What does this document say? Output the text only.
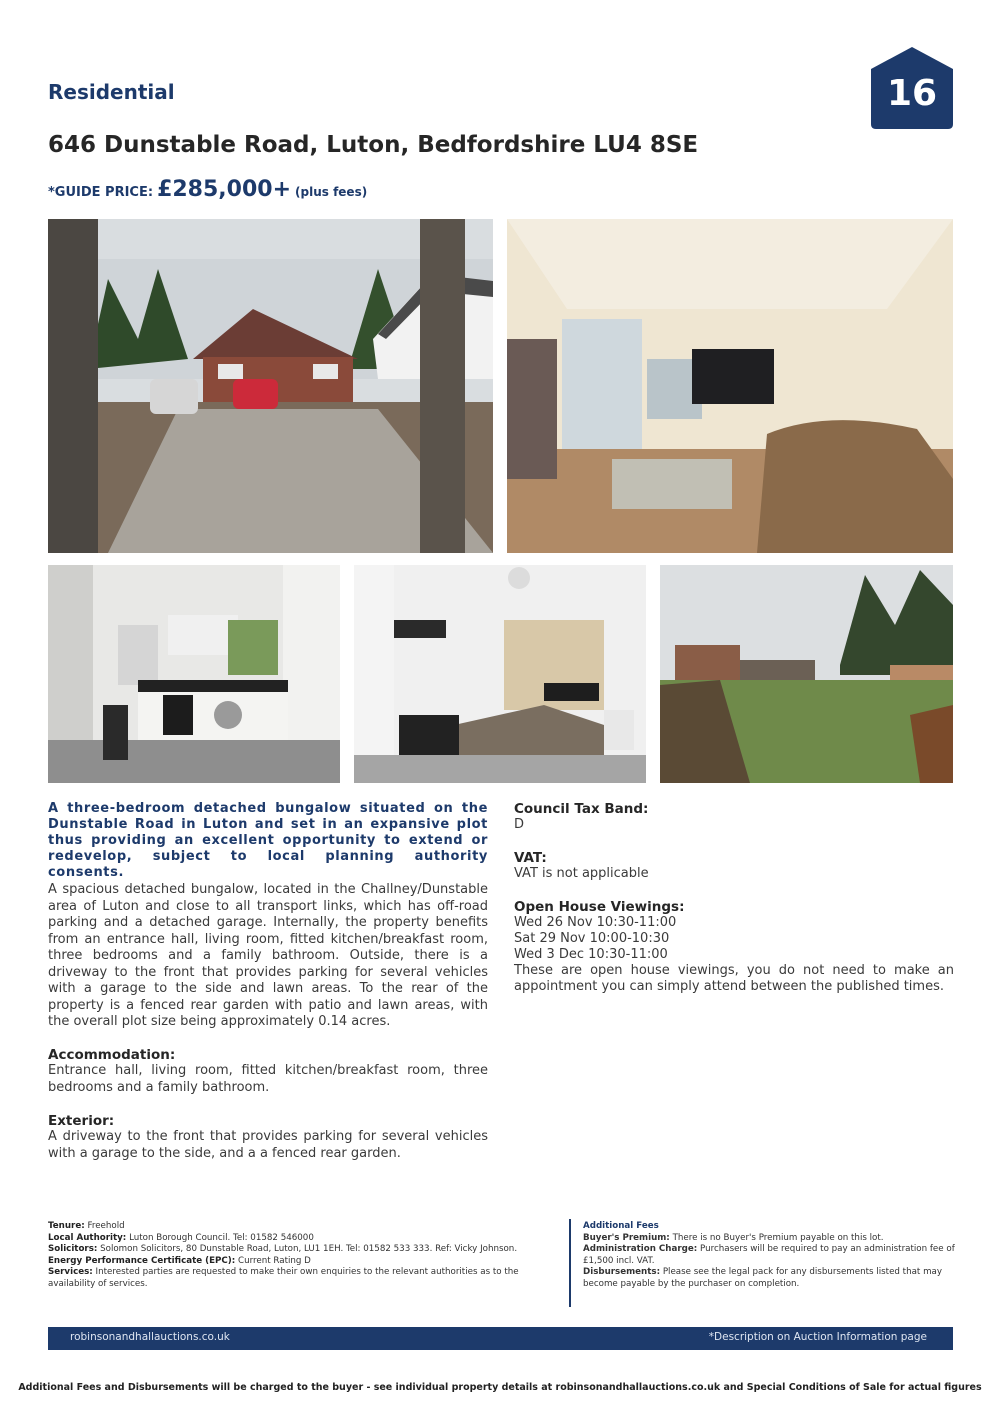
Residential	16
646 Dunstable Road, Luton, Bedfordshire LU4 8SE
*GUIDE PRICE: £285,000+ (plus fees)
A three-bedroom detached bungalow situated on the Dunstable Road in Luton and set in an expansive plot thus providing an excellent opportunity to extend or redevelop, subject to local planning authority consents.
A spacious detached bungalow, located in the Challney/Dunstable area of Luton and close to all transport links, which has off-road parking and a detached garage. Internally, the property benefits from an entrance hall, living room, fitted kitchen/breakfast room, three bedrooms and a family bathroom. Outside, there is a driveway to the front that provides parking for several vehicles with a garage to the side and lawn areas. To the rear of the property is a fenced rear garden with patio and lawn areas, with the overall plot size being approximately 0.14 acres.
Accommodation:
Entrance hall, living room, fitted kitchen/breakfast room, three bedrooms and a family bathroom.
Exterior:
A driveway to the front that provides parking for several vehicles with a garage to the side, and a a fenced rear garden.
Council Tax Band:
D
VAT:
VAT is not applicable
Open House Viewings:
Wed 26 Nov 10:30-11:00
Sat 29 Nov 10:00-10:30
Wed 3 Dec 10:30-11:00
These are open house viewings, you do not need to make an appointment you can simply attend between the published times.
Tenure: Freehold
Local Authority: Luton Borough Council. Tel: 01582 546000
Solicitors: Solomon Solicitors, 80 Dunstable Road, Luton, LU1 1EH. Tel: 01582 533 333. Ref: Vicky Johnson.
Energy Performance Certificate (EPC): Current Rating D
Services: Interested parties are requested to make their own enquiries to the relevant authorities as to the availability of services.
Additional Fees
Buyer's Premium: There is no Buyer's Premium payable on this lot.
Administration Charge: Purchasers will be required to pay an administration fee of £1,500 incl. VAT.
Disbursements: Please see the legal pack for any disbursements listed that may become payable by the purchaser on completion.
robinsonandhallauctions.co.uk	*Description on Auction Information page
Additional Fees and Disbursements will be charged to the buyer - see individual property details at robinsonandhallauctions.co.uk and Special Conditions of Sale for actual figures
